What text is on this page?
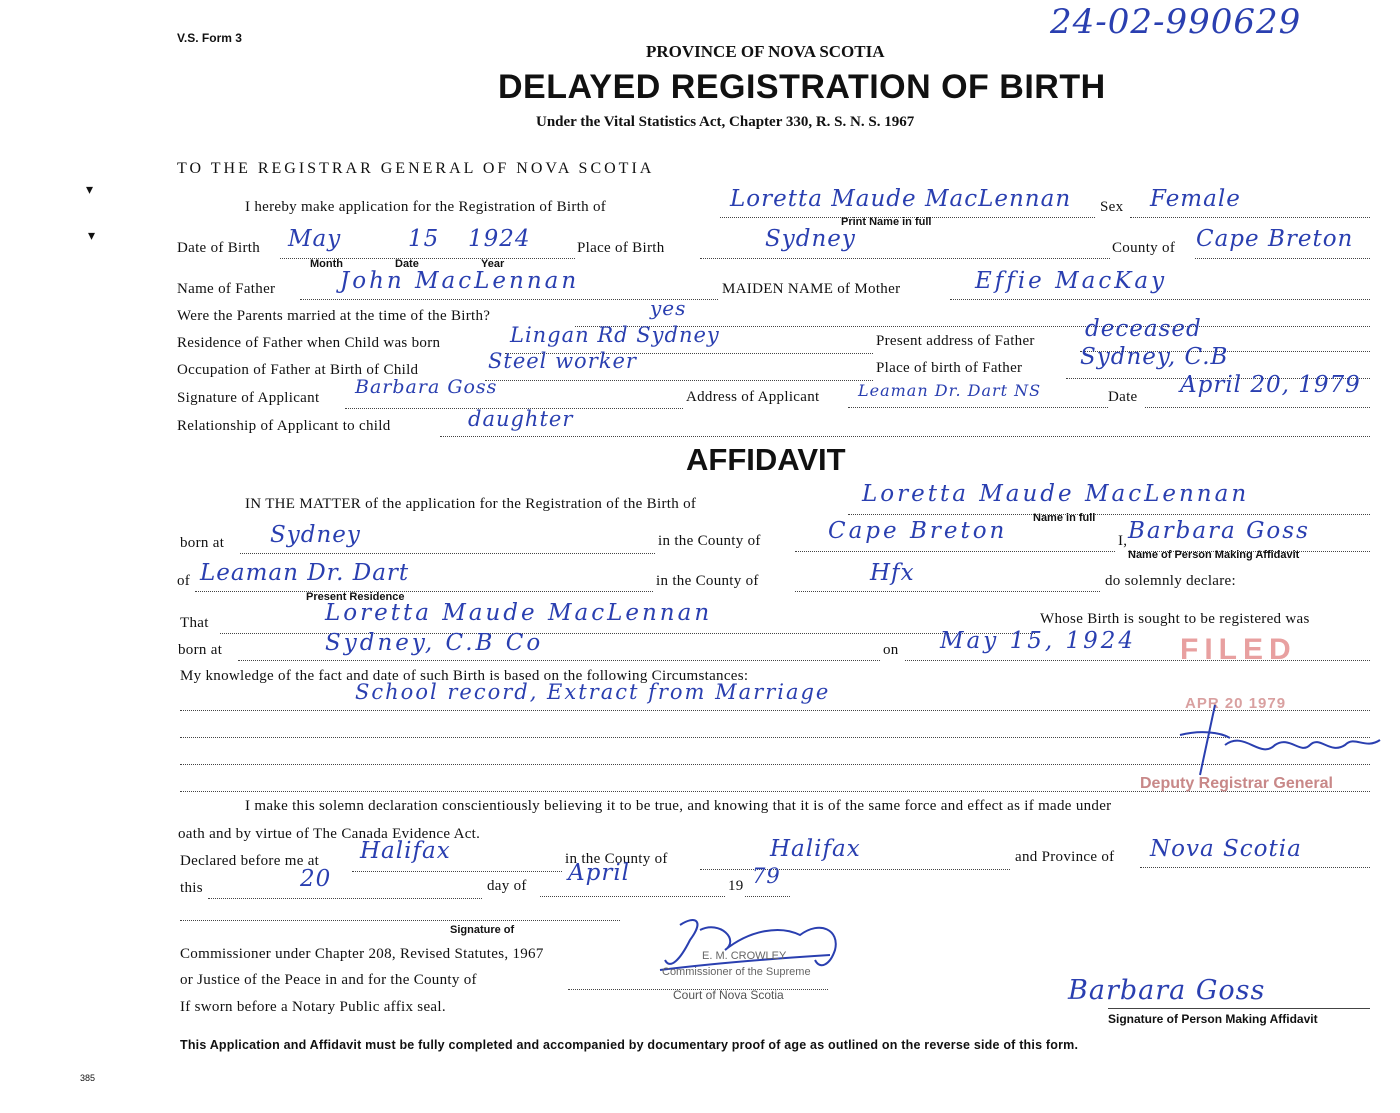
V.S. Form 3	24-02-990629
PROVINCE OF NOVA SCOTIA
DELAYED REGISTRATION OF BIRTH
Under the Vital Statistics Act, Chapter 330, R. S. N. S. 1967
TO THE REGISTRAR GENERAL OF NOVA SCOTIA
I hereby make application for the Registration of Birth of	Loretta Maude MacLennan Sex Female
Print Name in full
Date of Birth May	15 1924
Month	Date	Year
Place of Birth	Sydney	County of Cape Breton
Name of Father	John MacLennan	MAIDEN NAME of Mother	Effie MacKay
Were the Parents married at the time of the Birth?	yes
Residence of Father when Child was born	Lingan Rd Sydney	Present address of Father deceased
Occupation of Father at Birth of Child	Steel worker	Place of birth of Father	Sydney, C.B
Signature of Applicant Barbara Goss	Address of Applicant Leaman Dr. Dart NS	Date April 20, 1979
Relationship of Applicant to child	daughter
AFFIDAVIT
IN THE MATTER of the application for the Registration of the Birth of	Loretta Maude MacLennan
Name in full
born at Sydney	in the County of	Cape Breton	I, Barbara Goss
Name of Person Making Affidavit
of Leaman Dr. Dart
Present Residence
in the County of	Hfx	do solemnly declare:
That	Loretta Maude MacLennan	Whose Birth is sought to be registered was
born at	Sydney, C.B Co	on May 15, 1924
My knowledge of the fact and date of such Birth is based on the following Circumstances:
School record, Extract from Marriage
I make this solemn declaration conscientiously believing it to be true, and knowing that it is of the same force and effect as if made under
oath and by virtue of The Canada Evidence Act.
Declared before me at Halifax	in the County of	Halifax	and Province of Nova Scotia
this	20	day of April	19 79
Signature of
Commissioner under Chapter 208, Revised Statutes, 1967
or Justice of the Peace in and for the County of
If sworn before a Notary Public affix seal.
E. M. CROWLEY
Commissioner of the Supreme
Court of Nova Scotia	Barbara Goss
Signature of Person Making Affidavit
FILED
APR 20 1979
Deputy Registrar General
This Application and Affidavit must be fully completed and accompanied by documentary proof of age as outlined on the reverse side of this form.
385
▾
▾
